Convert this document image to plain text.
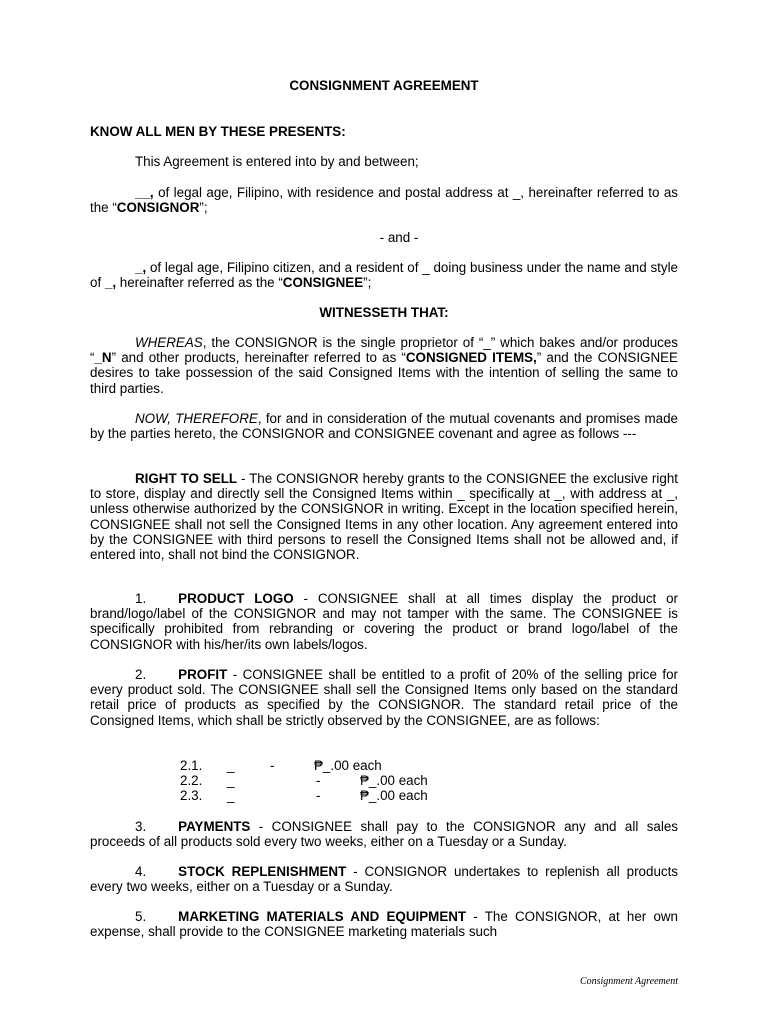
CONSIGNMENT AGREEMENT
KNOW ALL MEN BY THESE PRESENTS:
This Agreement is entered into by and between;
__, of legal age, Filipino, with residence and postal address at _, hereinafter referred to as the “CONSIGNOR”;
- and -
_, of legal age, Filipino citizen, and a resident of _ doing business under the name and style of _, hereinafter referred as the “CONSIGNEE”;
WITNESSETH THAT:
WHEREAS, the CONSIGNOR is the single proprietor of “_” which bakes and/or produces “_N” and other products, hereinafter referred to as “CONSIGNED ITEMS,” and the CONSIGNEE desires to take possession of the said Consigned Items with the intention of selling the same to third parties.
NOW, THEREFORE, for and in consideration of the mutual covenants and promises made by the parties hereto, the CONSIGNOR and CONSIGNEE covenant and agree as follows ---
RIGHT TO SELL - The CONSIGNOR hereby grants to the CONSIGNEE the exclusive right to store, display and directly sell the Consigned Items within _ specifically at _, with address at _, unless otherwise authorized by the CONSIGNOR in writing. Except in the location specified herein, CONSIGNEE shall not sell the Consigned Items in any other location. Any agreement entered into by the CONSIGNEE with third persons to resell the Consigned Items shall not be allowed and, if entered into, shall not bind the CONSIGNOR.
1. PRODUCT LOGO - CONSIGNEE shall at all times display the product or brand/logo/label of the CONSIGNOR and may not tamper with the same. The CONSIGNEE is specifically prohibited from rebranding or covering the product or brand logo/label of the CONSIGNOR with his/her/its own labels/logos.
2. PROFIT - CONSIGNEE shall be entitled to a profit of 20% of the selling price for every product sold. The CONSIGNEE shall sell the Consigned Items only based on the standard retail price of products as specified by the CONSIGNOR. The standard retail price of the Consigned Items, which shall be strictly observed by the CONSIGNEE, are as follows:
2.1. _	-	₱_.00 each
2.2. _	-	₱_.00 each
2.3. _	-	₱_.00 each
3. PAYMENTS - CONSIGNEE shall pay to the CONSIGNOR any and all sales proceeds of all products sold every two weeks, either on a Tuesday or a Sunday.
4. STOCK REPLENISHMENT - CONSIGNOR undertakes to replenish all products every two weeks, either on a Tuesday or a Sunday.
5. MARKETING MATERIALS AND EQUIPMENT - The CONSIGNOR, at her own expense, shall provide to the CONSIGNEE marketing materials such
Consignment Agreement
